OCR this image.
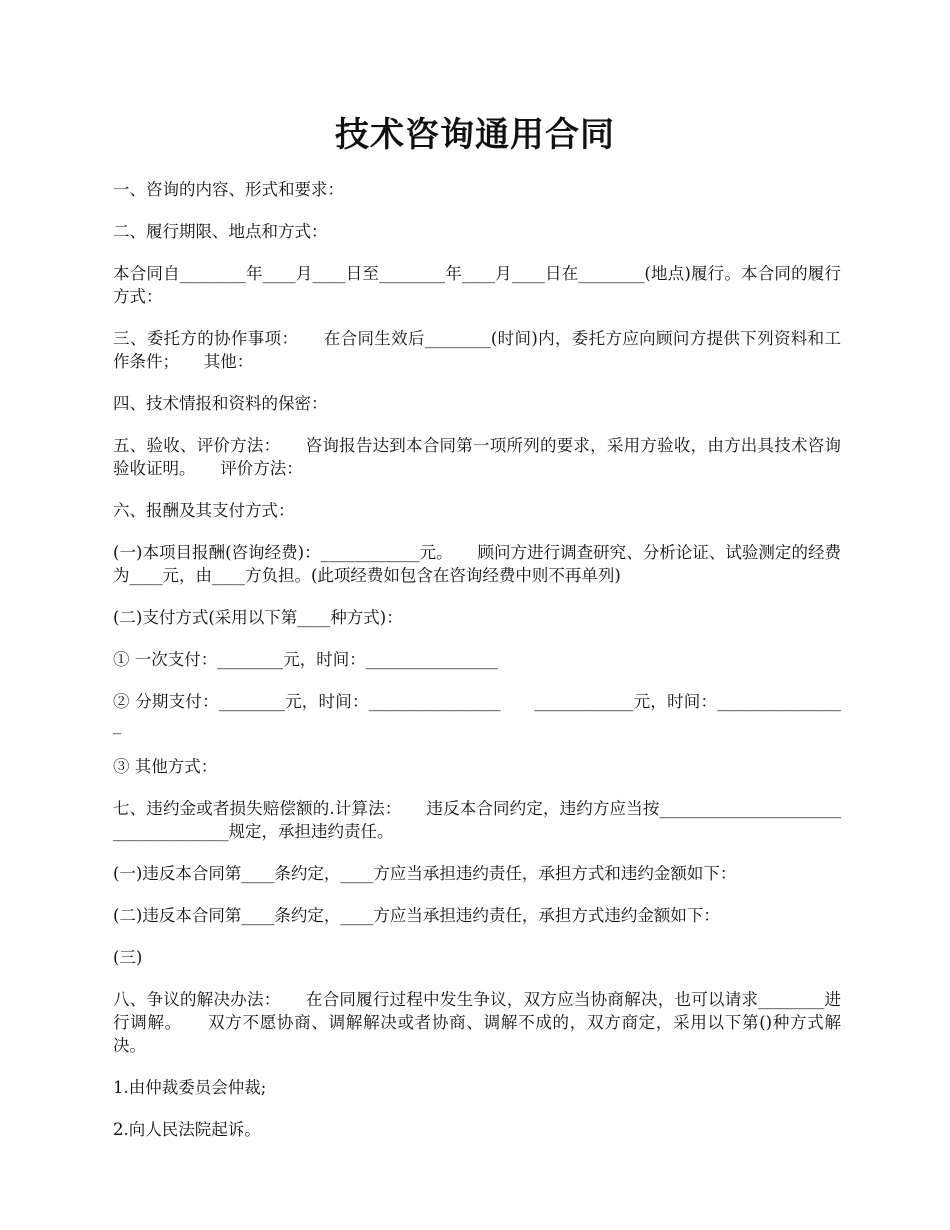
技术咨询通用合同

一、咨询的内容、形式和要求：

二、履行期限、地点和方式：

本合同自________年____月____日至________年____月____日在________(地点)履行。本合同的履行方式：

三、委托方的协作事项：　　在合同生效后________(时间)内，委托方应向顾问方提供下列资料和工作条件；　　其他：

四、技术情报和资料的保密：

五、验收、评价方法：　　咨询报告达到本合同第一项所列的要求，采用方验收，由方出具技术咨询验收证明。　　评价方法：

六、报酬及其支付方式：

(一)本项目报酬(咨询经费)：____________元。　　顾问方进行调查研究、分析论证、试验测定的经费为____元，由____方负担。(此项经费如包含在咨询经费中则不再单列)

(二)支付方式(采用以下第____种方式)：

① 一次支付：________元，时间：________________

② 分期支付：________元，时间：________________　　____________元，时间：________________

③ 其他方式：

七、违约金或者损失赔偿额的.计算法：　　违反本合同约定，违约方应当按____________________________________规定，承担违约责任。

(一)违反本合同第____条约定，____方应当承担违约责任，承担方式和违约金额如下：

(二)违反本合同第____条约定，____方应当承担违约责任，承担方式违约金额如下：

(三)

八、争议的解决办法：　　在合同履行过程中发生争议，双方应当协商解决，也可以请求________进行调解。　　双方不愿协商、调解解决或者协商、调解不成的，双方商定，采用以下第()种方式解决。

1.由仲裁委员会仲裁;

2.向人民法院起诉。
